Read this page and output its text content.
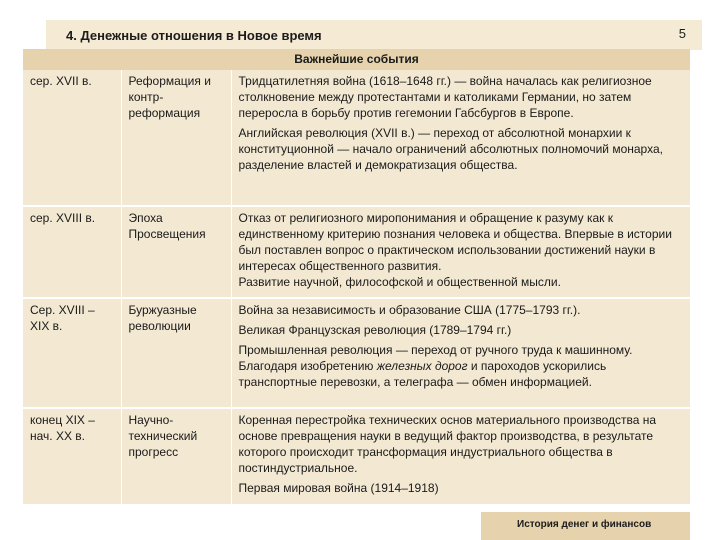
4. Денежные отношения в Новое время	5
Важнейшие события
сер. XVII в.	Реформация и контр- реформация	Тридцатилетняя война (1618–1648 гг.) — война началась как религиозное столкновение между протестантами и католиками Германии, но затем переросла в борьбу против гегемонии Габсбургов в Европе.

Английская революция (XVII в.) — переход от абсолютной монархии к конституционной — начало ограничений абсолютных полномочий монарха, разделение властей и демократизация общества.

сер. XVIII в.	Эпоха Просвещения	Отказ от религиозного миропонимания и обращение к разуму как к единственному критерию познания человека и общества. Впервые в истории был поставлен вопрос о практическом использовании достижений науки в интересах общественного развития.

Развитие научной, философской и общественной мысли.

Сер. XVIII – XIX в.	Буржуазные революции	Война за независимость и образование США (1775–1793 гг.).

Великая Французская революция (1789–1794 гг.)

Промышленная революция — переход от ручного труда к машинному. Благодаря изобретению железных дорог и пароходов ускорились транспортные перевозки, а телеграфа — обмен информацией.

конец XIX – нач. XX в.	Научно- технический прогресс	Коренная перестройка технических основ материального производства на основе превращения науки в ведущий фактор производства, в результате которого происходит трансформация индустриального общества в постиндустриальное.

Первая мировая война (1914–1918)

История денег и финансов
